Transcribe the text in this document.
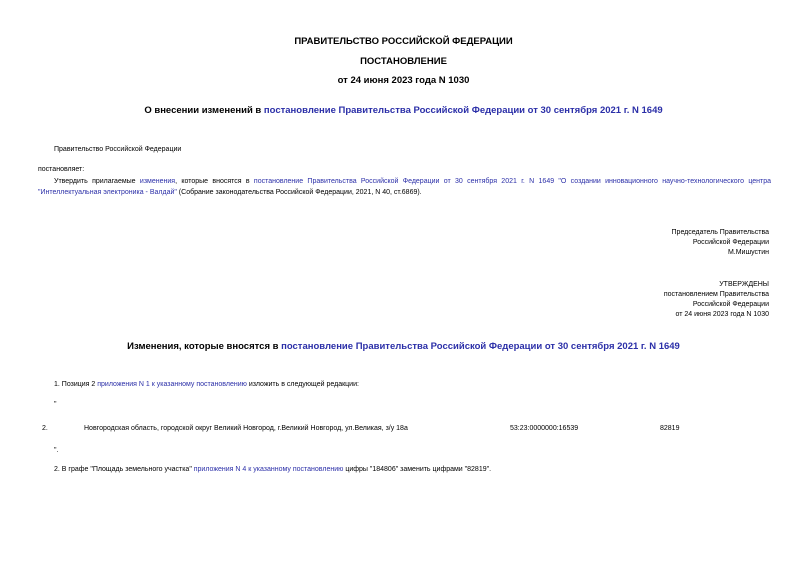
ПРАВИТЕЛЬСТВО РОССИЙСКОЙ ФЕДЕРАЦИИ
ПОСТАНОВЛЕНИЕ
от 24 июня 2023 года N 1030
О внесении изменений в постановление Правительства Российской Федерации от 30 сентября 2021 г. N 1649
Правительство Российской Федерации
постановляет:
Утвердить прилагаемые изменения, которые вносятся в постановление Правительства Российской Федерации от 30 сентября 2021 г. N 1649 "О создании инновационного научно-технологического центра "Интеллектуальная электроника - Валдай" (Собрание законодательства Российской Федерации, 2021, N 40, ст.6869).
Председатель Правительства
Российской Федерации
М.Мишустин
УТВЕРЖДЕНЫ
постановлением Правительства
Российской Федерации
от 24 июня 2023 года N 1030
Изменения, которые вносятся в постановление Правительства Российской Федерации от 30 сентября 2021 г. N 1649
1. Позиция 2 приложения N 1 к указанному постановлению изложить в следующей редакции:
"
2.	Новгородская область, городской округ Великий Новгород, г.Великий Новгород, ул.Великая, з/у 18а	53:23:0000000:16539	82819
".
2. В графе "Площадь земельного участка" приложения N 4 к указанному постановлению цифры "184806" заменить цифрами "82819".
